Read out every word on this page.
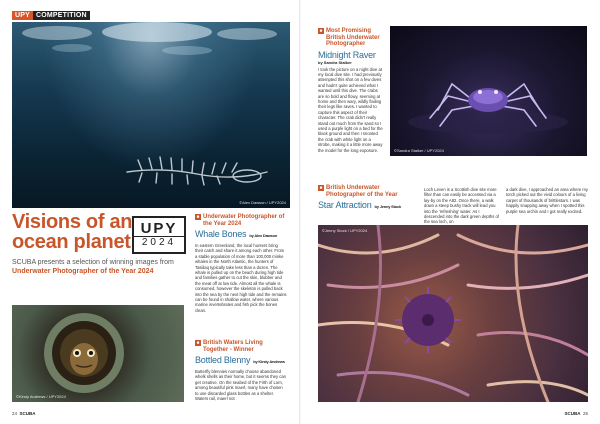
UPY COMPETITION
©Alex Dawson / UPY2024
©Sandra Stalker / UPY2024
Visions of an ocean planet
UPY
2024
SCUBA presents a selection of winning images from Underwater Photographer of the Year 2024
©Kirsty Andrews / UPY2024
■ Underwater Photographer of the Year 2024
Whale Bones by Alex Dawson
In eastern Greenland, the local hunters bring their catch and share it among each other. From a stable population of more than 100,000 minke whales in the North Atlantic, the hunters of Tasiilaq typically take less than a dozen. The whale is pulled up on the beach during high tide and families gather to cut the skin, blubber and the meat off at low tide. Almost all the whale is consumed, however the skeleton is pulled back into the sea by the next high tide and the remains can be found in shallow water, where various marine invertebrates and fish pick the bones clean.
■ British Waters Living Together - Winner
Bottled Blenny by Kirsty Andrews
Butterfly blennies normally choose abandoned whelk shells as their home, but it seems they can get creative. On the seabed of the Firth of Lorn, among beautiful pink maerl, many have chosen to use discarded glass bottles as a shelter. Waters rail, maerl not
■ Most Promising British Underwater Photographer
Midnight Raver
by Sandra Stalker
I took the picture on a night dive at my local dive site. I had previously attempted this shot on a few dives and hadn't quite achieved what I wanted until this dive. The crabs are so bold and flowy, seeming at home and then wary, wildly flailing their legs like raves. I wanted to capture this aspect of their character. The crab didn't really stand out much from the sand so I used a purple light on a bed for the black ground and then I snooted the crab with white light on a strobe, making it a little more away the model for the long exposure.
■ British Underwater Photographer of the Year
Star Attraction by Jenny Stock
Loch Leven is a Scottish dive site more filter than can easily be accessed via a lay-by on the A82. Once there, a walk down a steep bushy track will lead you into the 'refreshing' water. As I descended into the dark green depths of the sea loch, on
a dark dive, I approached an area where my torch picked out the vivid colours of a living carpet of thousands of brittlestars. I was happily snapping away when I spotted this purple sea urchin and I got really excited.
©Jenny Stock / UPY2024
24 SCUBA	SCUBA 25
